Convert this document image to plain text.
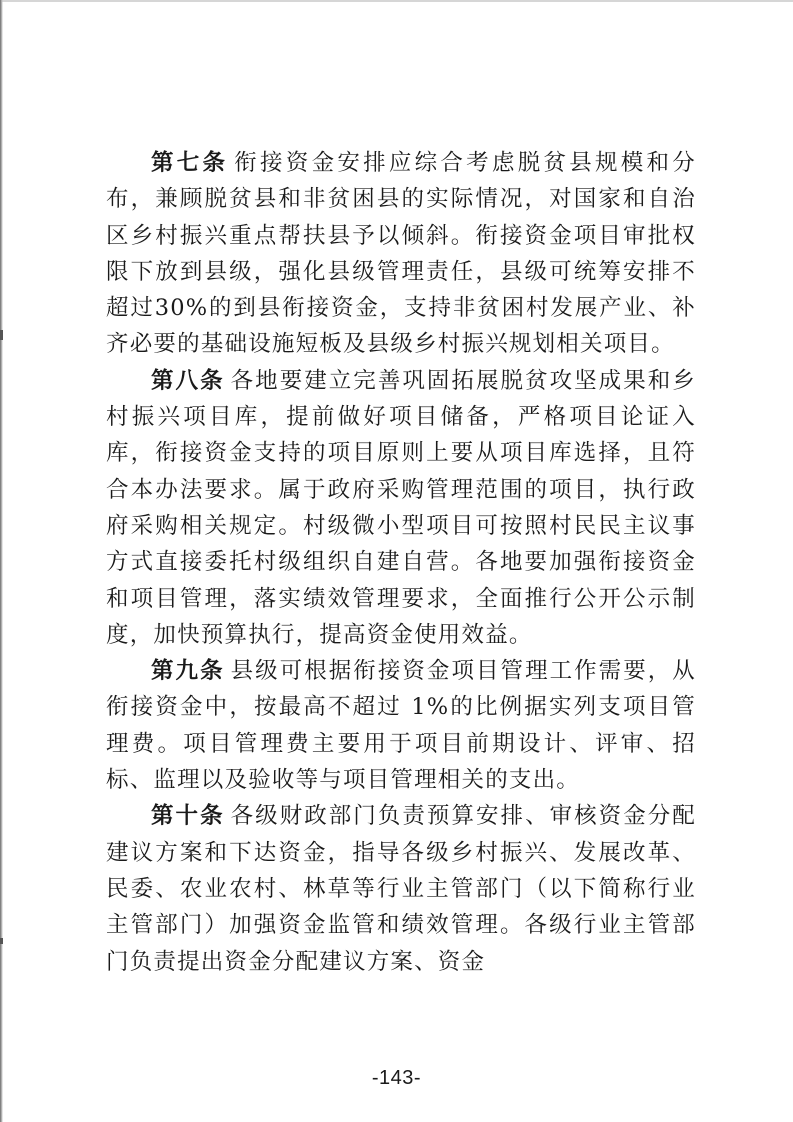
第七条 衔接资金安排应综合考虑脱贫县规模和分布，兼顾脱贫县和非贫困县的实际情况，对国家和自治区乡村振兴重点帮扶县予以倾斜。衔接资金项目审批权限下放到县级，强化县级管理责任，县级可统筹安排不超过30%的到县衔接资金，支持非贫困村发展产业、补齐必要的基础设施短板及县级乡村振兴规划相关项目。

第八条 各地要建立完善巩固拓展脱贫攻坚成果和乡村振兴项目库，提前做好项目储备，严格项目论证入库，衔接资金支持的项目原则上要从项目库选择，且符合本办法要求。属于政府采购管理范围的项目，执行政府采购相关规定。村级微小型项目可按照村民民主议事方式直接委托村级组织自建自营。各地要加强衔接资金和项目管理，落实绩效管理要求，全面推行公开公示制度，加快预算执行，提高资金使用效益。

第九条 县级可根据衔接资金项目管理工作需要，从衔接资金中，按最高不超过 1%的比例据实列支项目管理费。项目管理费主要用于项目前期设计、评审、招标、监理以及验收等与项目管理相关的支出。

第十条 各级财政部门负责预算安排、审核资金分配建议方案和下达资金，指导各级乡村振兴、发展改革、民委、农业农村、林草等行业主管部门（以下简称行业主管部门）加强资金监管和绩效管理。各级行业主管部门负责提出资金分配建议方案、资金

-143-
